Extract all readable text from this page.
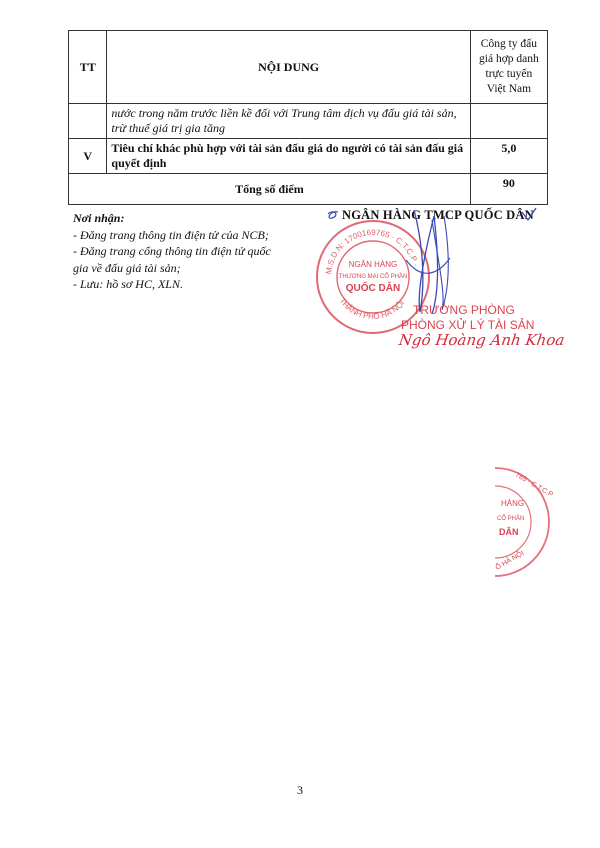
TT	NỘI DUNG	Công ty đấu giá hợp danh trực tuyến Việt Nam
	nước trong năm trước liền kề đối với Trung tâm dịch vụ đấu giá tài sản, trừ thuế giá trị gia tăng	
V	Tiêu chí khác phù hợp với tài sản đấu giá do người có tài sản đấu giá quyết định	5,0
Tổng số điểm		90
Nơi nhận:
- Đăng trang thông tin điện tử của NCB;
- Đăng trang cổng thông tin điện tử quốc gia về đấu giá tài sản;
- Lưu: hồ sơ HC, XLN.
M.S.D.N: 1700169765 · C.T.C.P ·
THÀNH PHỐ HÀ NỘI
NGÂN HÀNG
THƯƠNG MẠI CỔ PHẦN
QUỐC DÂN
NGÂN HÀNG TMCP QUỐC DÂN
TRƯỞNG PHÒNG
PHÒNG XỬ LÝ TÀI SẢN
Ngô Hoàng Anh Khoa
765 · C.T.C.P
HÀNG
CỔ PHẦN
DÂN
Ố HÀ NỘI
3
